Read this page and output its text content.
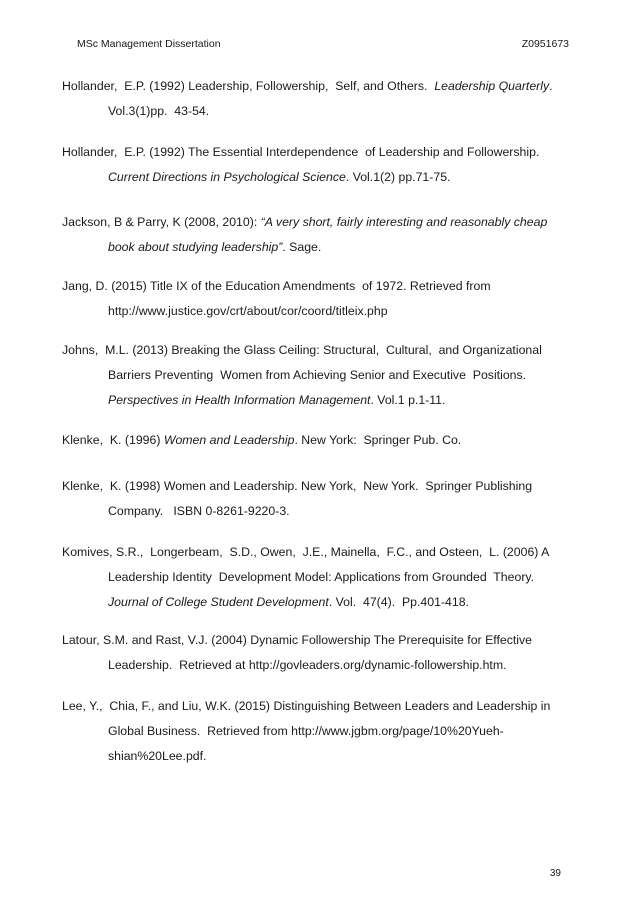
MSc Management Dissertation	Z0951673
Hollander,  E.P. (1992) Leadership, Followership,  Self, and Others.  Leadership Quarterly.
Vol.3(1)pp.  43-54.
Hollander,  E.P. (1992) The Essential Interdependence  of Leadership and Followership.
Current Directions in Psychological Science. Vol.1(2) pp.71-75.
Jackson, B & Parry, K (2008, 2010): “A very short, fairly interesting and reasonably cheap
book about studying leadership”. Sage.
Jang, D. (2015) Title IX of the Education Amendments  of 1972. Retrieved from
http://www.justice.gov/crt/about/cor/coord/titleix.php
Johns,  M.L. (2013) Breaking the Glass Ceiling: Structural,  Cultural,  and Organizational
Barriers Preventing  Women from Achieving Senior and Executive  Positions.
Perspectives in Health Information Management. Vol.1 p.1-11.
Klenke,  K. (1996) Women and Leadership. New York:  Springer Pub. Co.
Klenke,  K. (1998) Women and Leadership. New York,  New York.  Springer Publishing
Company.   ISBN 0-8261-9220-3.
Komives, S.R.,  Longerbeam,  S.D., Owen,  J.E., Mainella,  F.C., and Osteen,  L. (2006) A
Leadership Identity  Development Model: Applications from Grounded  Theory.
Journal of College Student Development. Vol.  47(4).  Pp.401-418.
Latour, S.M. and Rast, V.J. (2004) Dynamic Followership The Prerequisite for Effective
Leadership.  Retrieved at http://govleaders.org/dynamic-followership.htm.
Lee, Y.,  Chia, F., and Liu, W.K. (2015) Distinguishing Between Leaders and Leadership in
Global Business.  Retrieved from http://www.jgbm.org/page/10%20Yueh-
shian%20Lee.pdf.
39
